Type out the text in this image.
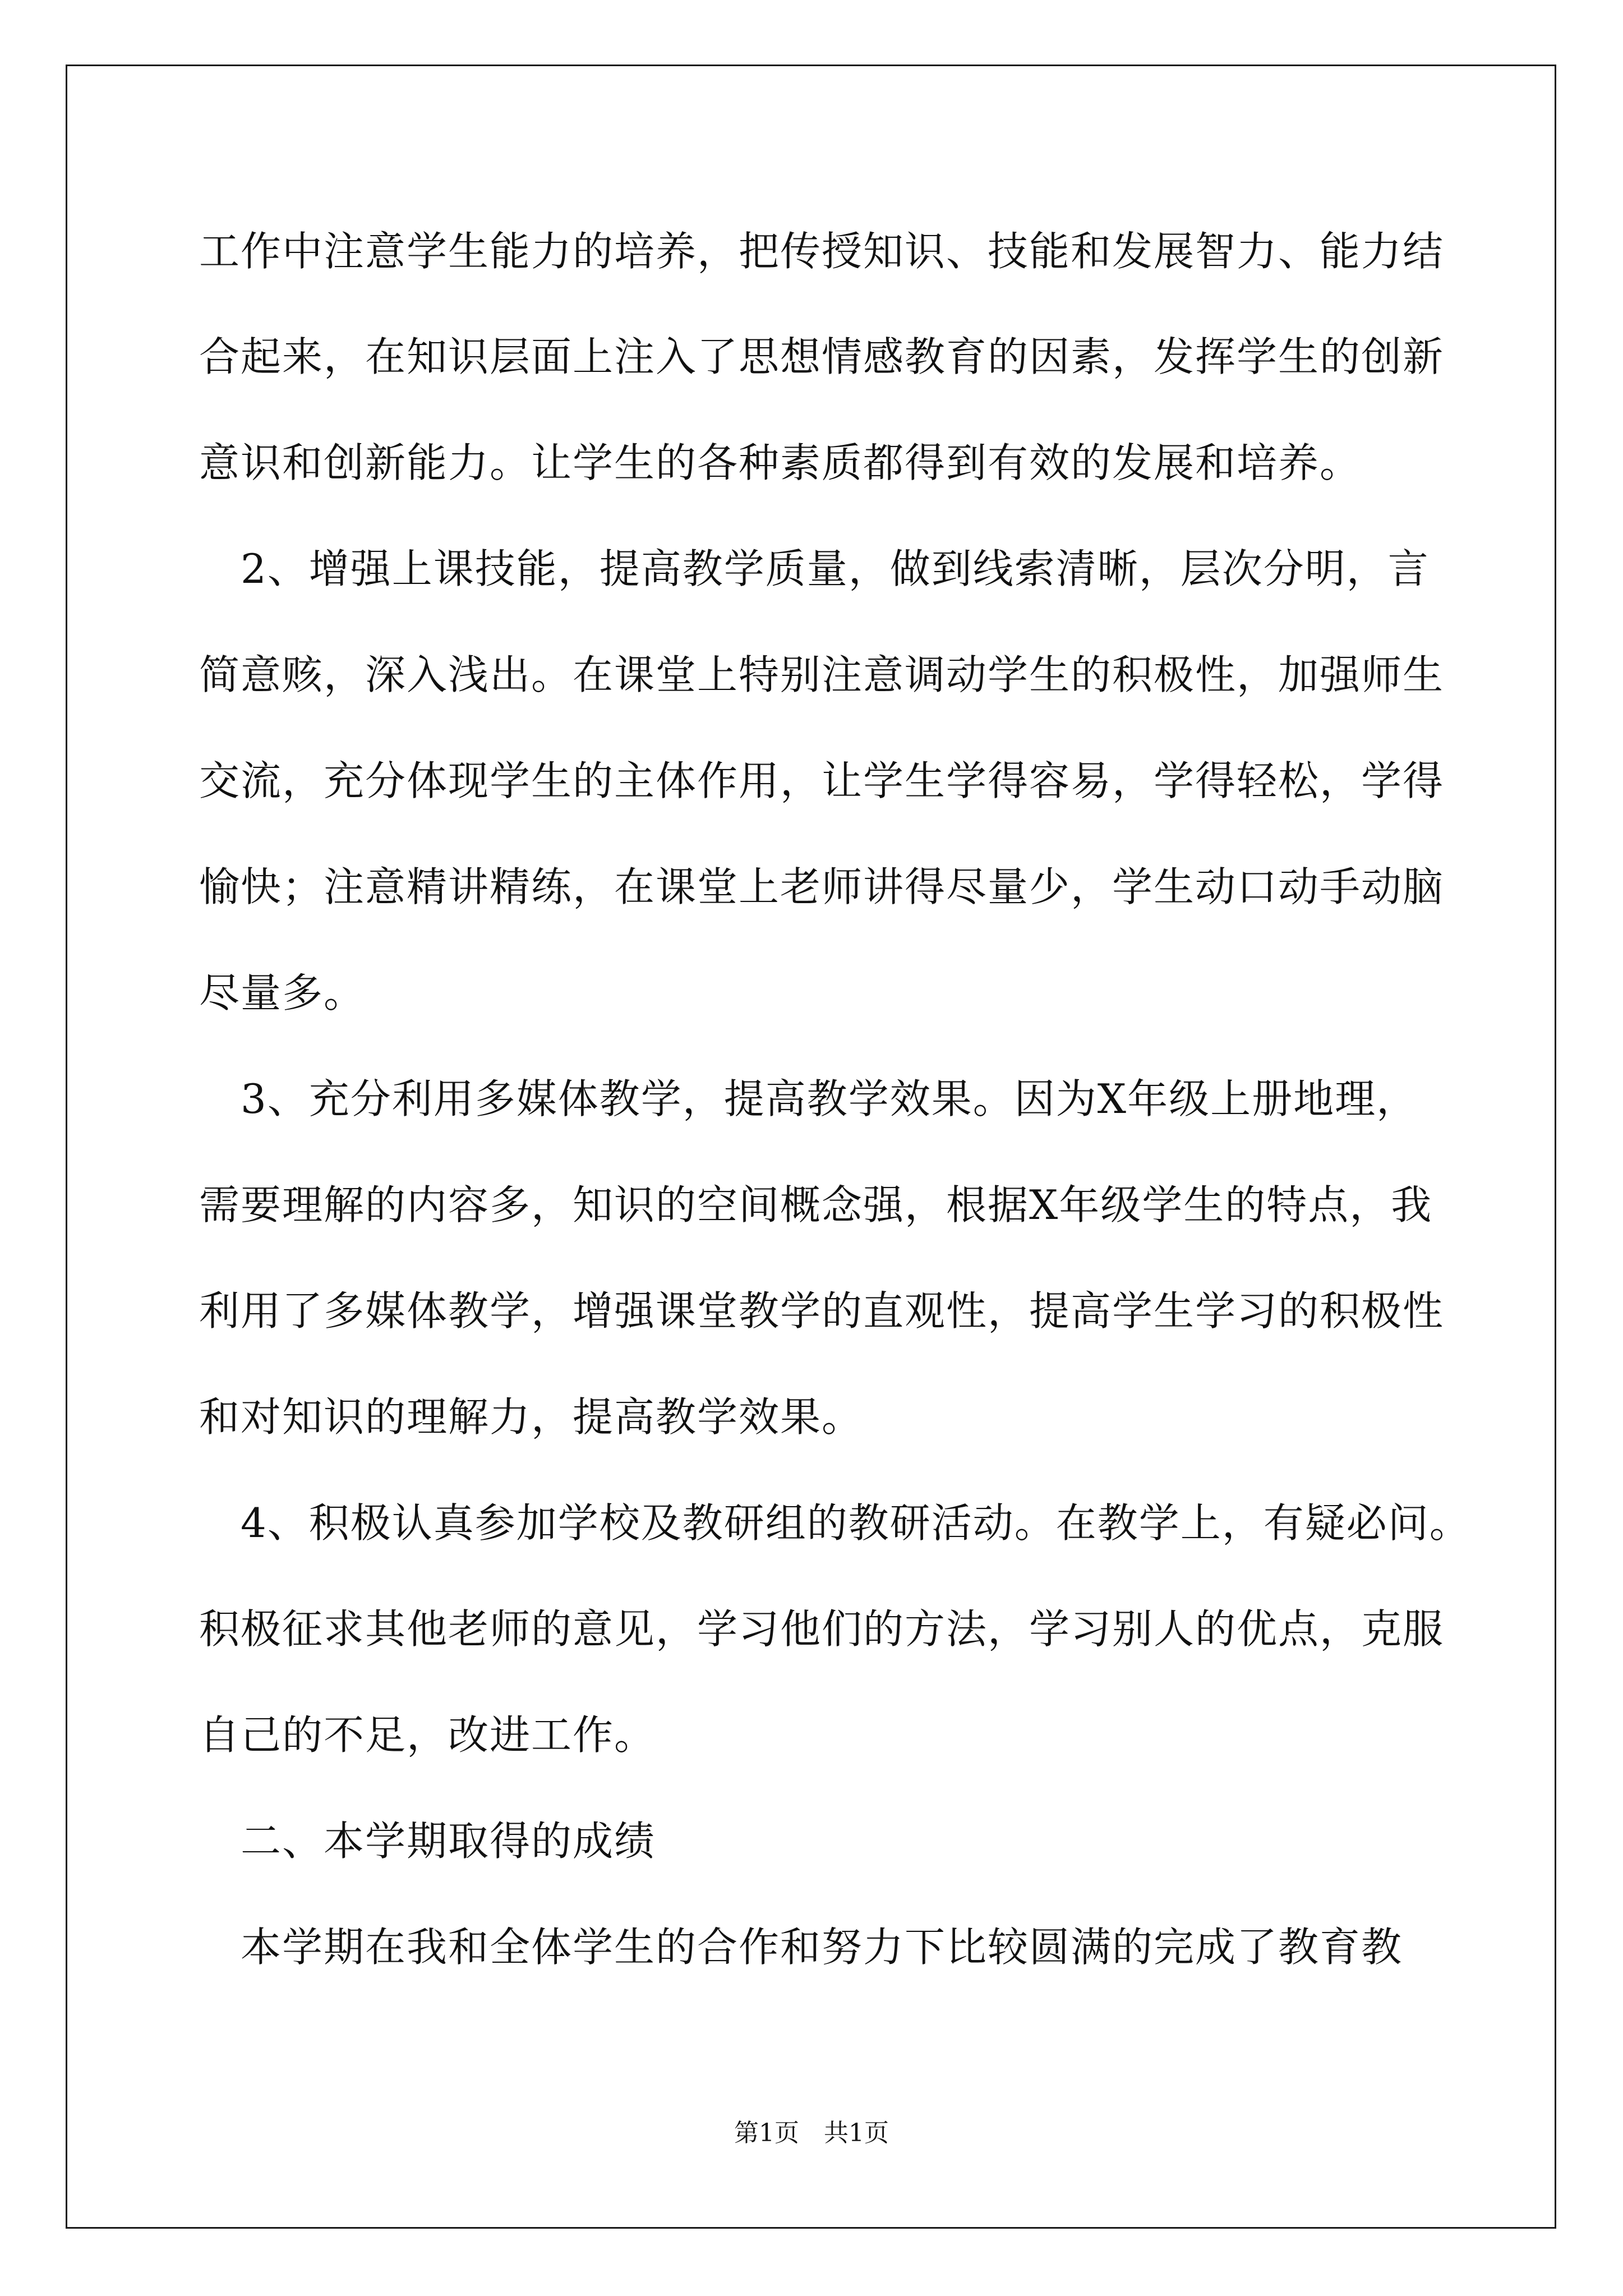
工作中注意学生能力的培养，把传授知识、技能和发展智力、能力结
合起来，在知识层面上注入了思想情感教育的因素，发挥学生的创新
意识和创新能力。让学生的各种素质都得到有效的发展和培养。
　2、增强上课技能，提高教学质量，做到线索清晰，层次分明，言
简意赅，深入浅出。在课堂上特别注意调动学生的积极性，加强师生
交流，充分体现学生的主体作用，让学生学得容易，学得轻松，学得
愉快；注意精讲精练，在课堂上老师讲得尽量少，学生动口动手动脑
尽量多。
　3、充分利用多媒体教学，提高教学效果。因为X年级上册地理，
需要理解的内容多，知识的空间概念强，根据X年级学生的特点，我
利用了多媒体教学，增强课堂教学的直观性，提高学生学习的积极性
和对知识的理解力，提高教学效果。
　4、积极认真参加学校及教研组的教研活动。在教学上，有疑必问。
积极征求其他老师的意见，学习他们的方法，学习别人的优点，克服
自己的不足，改进工作。
　二、本学期取得的成绩
　本学期在我和全体学生的合作和努力下比较圆满的完成了教育教
第1页　共1页
